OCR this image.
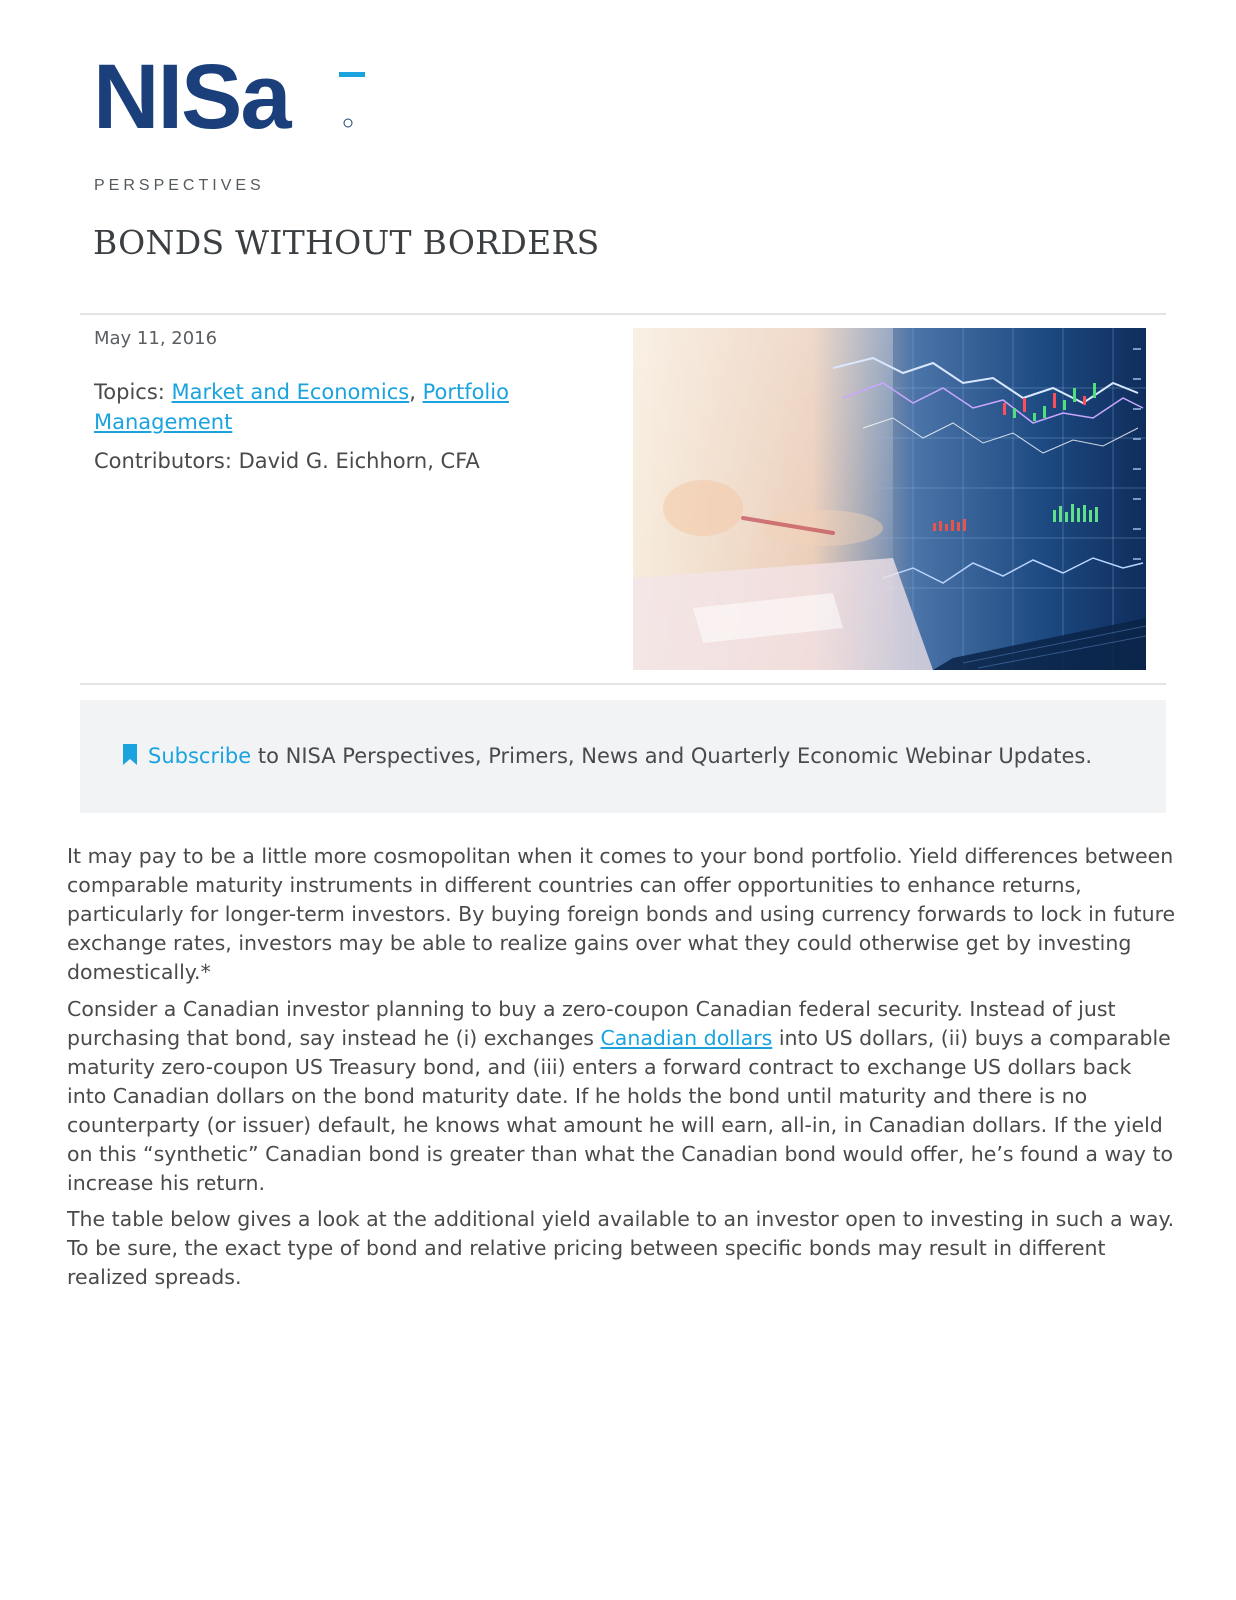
NISa
PERSPECTIVES
BONDS WITHOUT BORDERS

May 11, 2016

Topics: Market and Economics, Portfolio Management

Contributors: David G. Eichhorn, CFA

Subscribe to NISA Perspectives, Primers, News and Quarterly Economic Webinar Updates.

It may pay to be a little more cosmopolitan when it comes to your bond portfolio. Yield differences between comparable maturity instruments in different countries can offer opportunities to enhance returns, particularly for longer-term investors. By buying foreign bonds and using currency forwards to lock in future exchange rates, investors may be able to realize gains over what they could otherwise get by investing domestically.*

Consider a Canadian investor planning to buy a zero-coupon Canadian federal security. Instead of just purchasing that bond, say instead he (i) exchanges Canadian dollars into US dollars, (ii) buys a comparable maturity zero-coupon US Treasury bond, and (iii) enters a forward contract to exchange US dollars back into Canadian dollars on the bond maturity date. If he holds the bond until maturity and there is no counterparty (or issuer) default, he knows what amount he will earn, all-in, in Canadian dollars. If the yield on this “synthetic” Canadian bond is greater than what the Canadian bond would offer, he’s found a way to increase his return.

The table below gives a look at the additional yield available to an investor open to investing in such a way. To be sure, the exact type of bond and relative pricing between specific bonds may result in different realized spreads.
